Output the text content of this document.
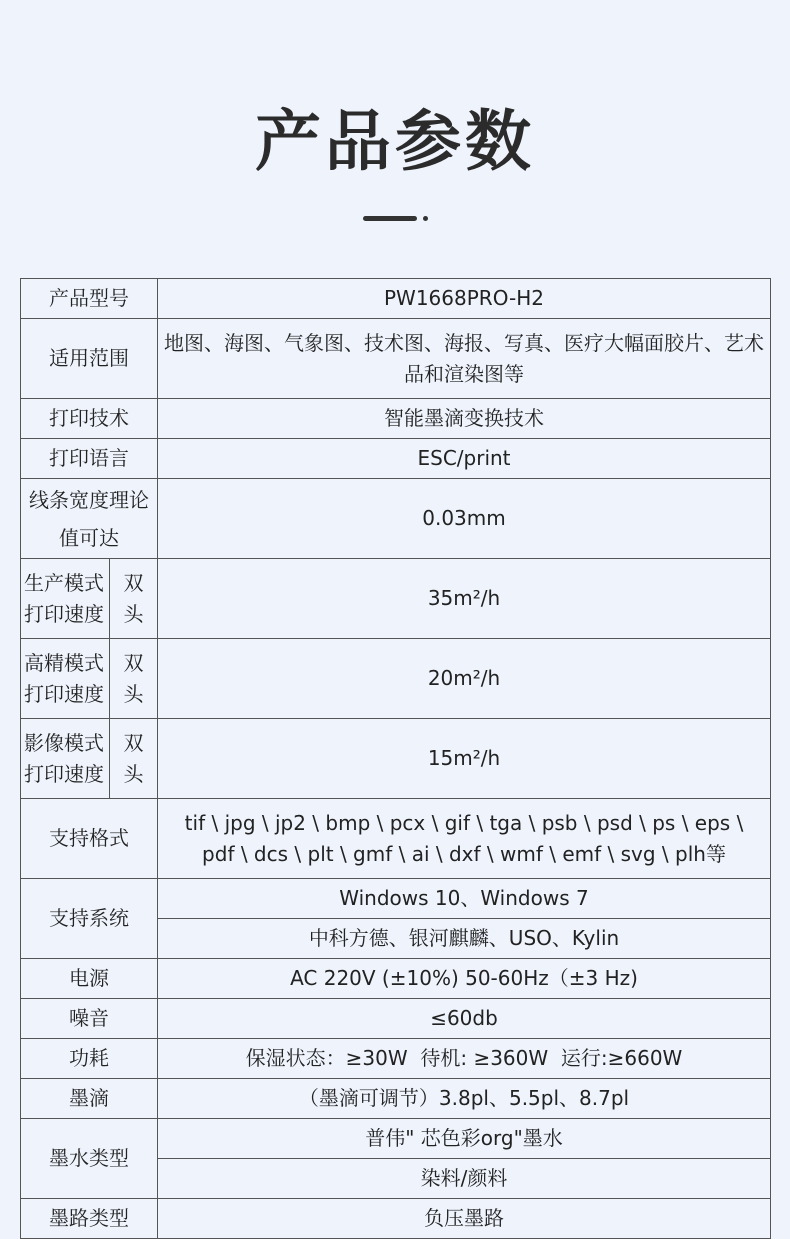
产品参数
产品型号		PW1668PRO-H2
适用范围		地图、海图、气象图、技术图、海报、写真、医疗大幅面胶片、艺术品和渲染图等
打印技术		智能墨滴变换技术
打印语言		ESC/print
线条宽度理论值可达		0.03mm
生产模式打印速度	双头	35m²/h
高精模式打印速度	双头	20m²/h
影像模式打印速度	双头	15m²/h
支持格式		tif \ jpg \ jp2 \ bmp \ pcx \ gif \ tga \ psb \ psd \ ps \ eps \ pdf \ dcs \ plt \ gmf \ ai \ dxf \ wmf \ emf \ svg \ plh等
支持系统		Windows 10、Windows 7
		中科方德、银河麒麟、USO、Kylin
电源		AC 220V (±10%) 50-60Hz（±3 Hz)
噪音		≤60db
功耗		保湿状态：≥30W  待机: ≥360W  运行:≥660W
墨滴		（墨滴可调节）3.8pl、5.5pl、8.7pl
墨水类型		普伟" 芯色彩org"墨水
		染料/颜料
墨路类型		负压墨路
